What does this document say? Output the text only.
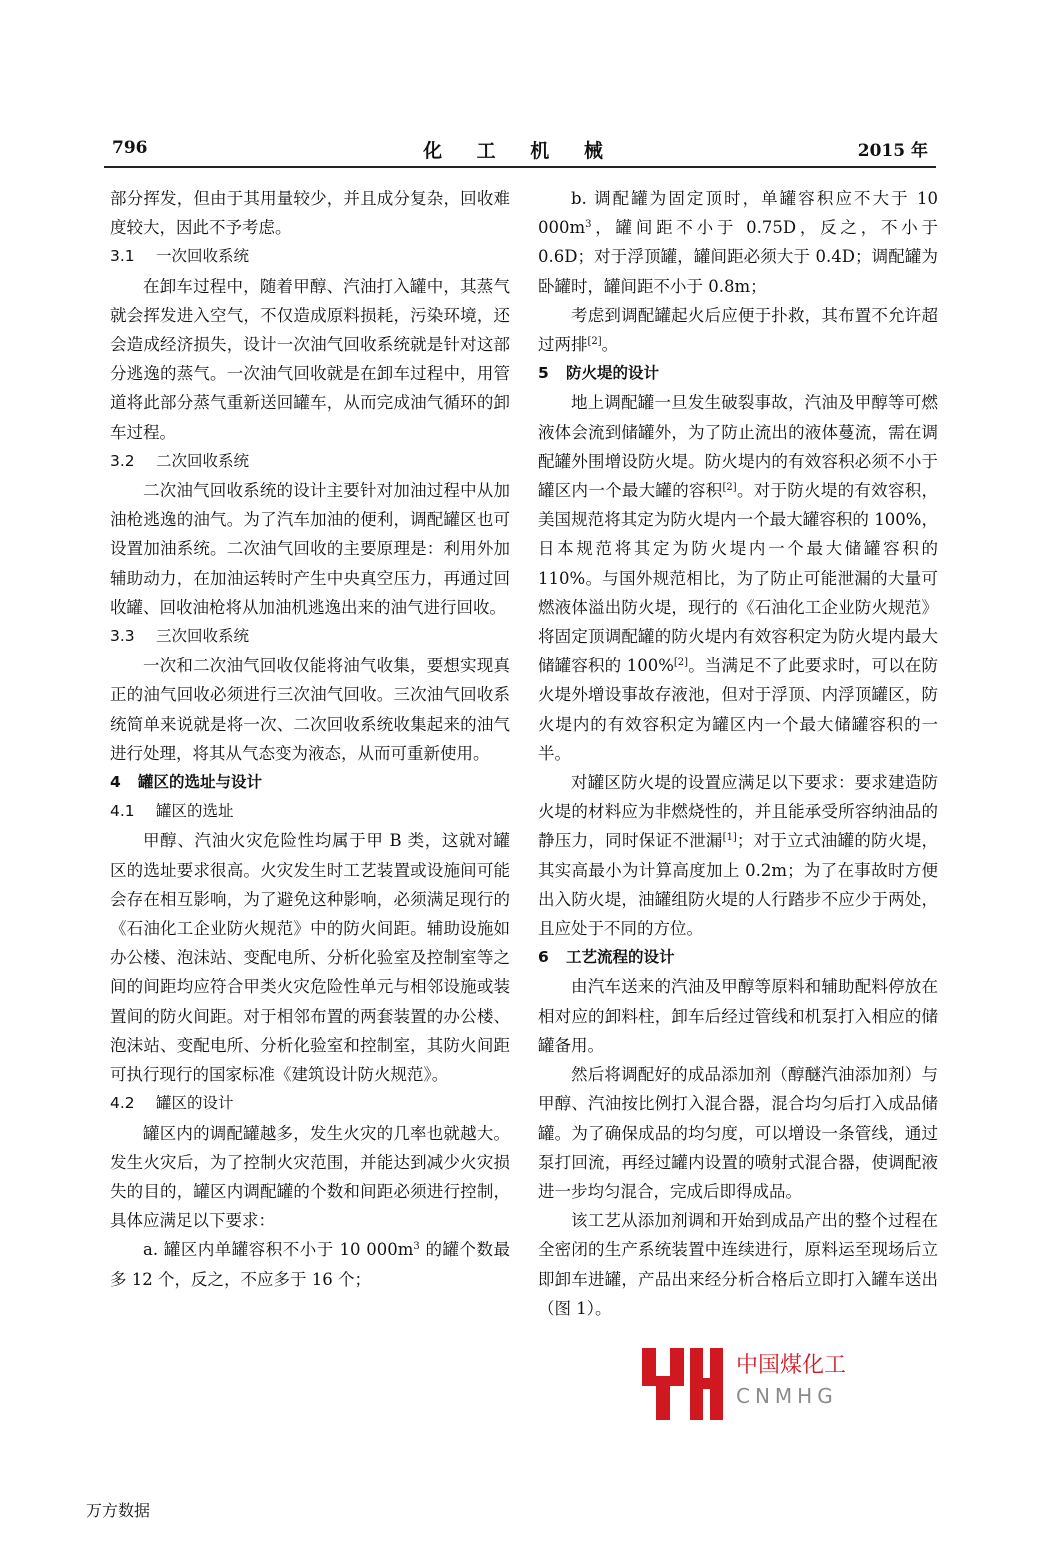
796	化 工 机 械	2015 年

部分挥发，但由于其用量较少，并且成分复杂，回收难度较大，因此不予考虑。

3.1 一次回收系统

在卸车过程中，随着甲醇、汽油打入罐中，其蒸气就会挥发进入空气，不仅造成原料损耗，污染环境，还会造成经济损失，设计一次油气回收系统就是针对这部分逃逸的蒸气。一次油气回收就是在卸车过程中，用管道将此部分蒸气重新送回罐车，从而完成油气循环的卸车过程。

3.2 二次回收系统

二次油气回收系统的设计主要针对加油过程中从加油枪逃逸的油气。为了汽车加油的便利，调配罐区也可设置加油系统。二次油气回收的主要原理是：利用外加辅助动力，在加油运转时产生中央真空压力，再通过回收罐、回收油枪将从加油机逃逸出来的油气进行回收。

3.3 三次回收系统

一次和二次油气回收仅能将油气收集，要想实现真正的油气回收必须进行三次油气回收。三次油气回收系统简单来说就是将一次、二次回收系统收集起来的油气进行处理，将其从气态变为液态，从而可重新使用。

4 罐区的选址与设计
4.1 罐区的选址

甲醇、汽油火灾危险性均属于甲 B 类，这就对罐区的选址要求很高。火灾发生时工艺装置或设施间可能会存在相互影响，为了避免这种影响，必须满足现行的《石油化工企业防火规范》中的防火间距。辅助设施如办公楼、泡沫站、变配电所、分析化验室及控制室等之间的间距均应符合甲类火灾危险性单元与相邻设施或装置间的防火间距。对于相邻布置的两套装置的办公楼、泡沫站、变配电所、分析化验室和控制室，其防火间距可执行现行的国家标准《建筑设计防火规范》。

4.2 罐区的设计

罐区内的调配罐越多，发生火灾的几率也就越大。发生火灾后，为了控制火灾范围，并能达到减少火灾损失的目的，罐区内调配罐的个数和间距必须进行控制，具体应满足以下要求：

a. 罐区内单罐容积不小于 10 $000m^3$ 的罐个数最多 12 个，反之，不应多于 16 个；

b. 调配罐为固定顶时，单罐容积应不大于 10 $000m^3$，罐间距不小于 0.75D，反之，不小于 0.6D；对于浮顶罐，罐间距必须大于 0.4D；调配罐为卧罐时，罐间距不小于 0.8m；

考虑到调配罐起火后应便于扑救，其布置不允许超过两排[2]。

5 防火堤的设计

地上调配罐一旦发生破裂事故，汽油及甲醇等可燃液体会流到储罐外，为了防止流出的液体蔓流，需在调配罐外围增设防火堤。防火堤内的有效容积必须不小于罐区内一个最大罐的容积[2]。对于防火堤的有效容积，美国规范将其定为防火堤内一个最大罐容积的 100%，日本规范将其定为防火堤内一个最大储罐容积的 110%。与国外规范相比，为了防止可能泄漏的大量可燃液体溢出防火堤，现行的《石油化工企业防火规范》将固定顶调配罐的防火堤内有效容积定为防火堤内最大储罐容积的 100%[2]。当满足不了此要求时，可以在防火堤外增设事故存液池，但对于浮顶、内浮顶罐区，防火堤内的有效容积定为罐区内一个最大储罐容积的一半。

对罐区防火堤的设置应满足以下要求：要求建造防火堤的材料应为非燃烧性的，并且能承受所容纳油品的静压力，同时保证不泄漏[1]；对于立式油罐的防火堤，其实高最小为计算高度加上 0.2m；为了在事故时方便出入防火堤，油罐组防火堤的人行踏步不应少于两处，且应处于不同的方位。

6 工艺流程的设计

由汽车送来的汽油及甲醇等原料和辅助配料停放在相对应的卸料柱，卸车后经过管线和机泵打入相应的储罐备用。

然后将调配好的成品添加剂（醇醚汽油添加剂）与甲醇、汽油按比例打入混合器，混合均匀后打入成品储罐。为了确保成品的均匀度，可以增设一条管线，通过泵打回流，再经过罐内设置的喷射式混合器，使调配液进一步均匀混合，完成后即得成品。

该工艺从添加剂调和开始到成品产出的整个过程在全密闭的生产系统装置中连续进行，原料运至现场后立即卸车进罐，产品出来经分析合格后立即打入罐车送出（图 1）。

中国煤化工
CNMHG
万方数据
